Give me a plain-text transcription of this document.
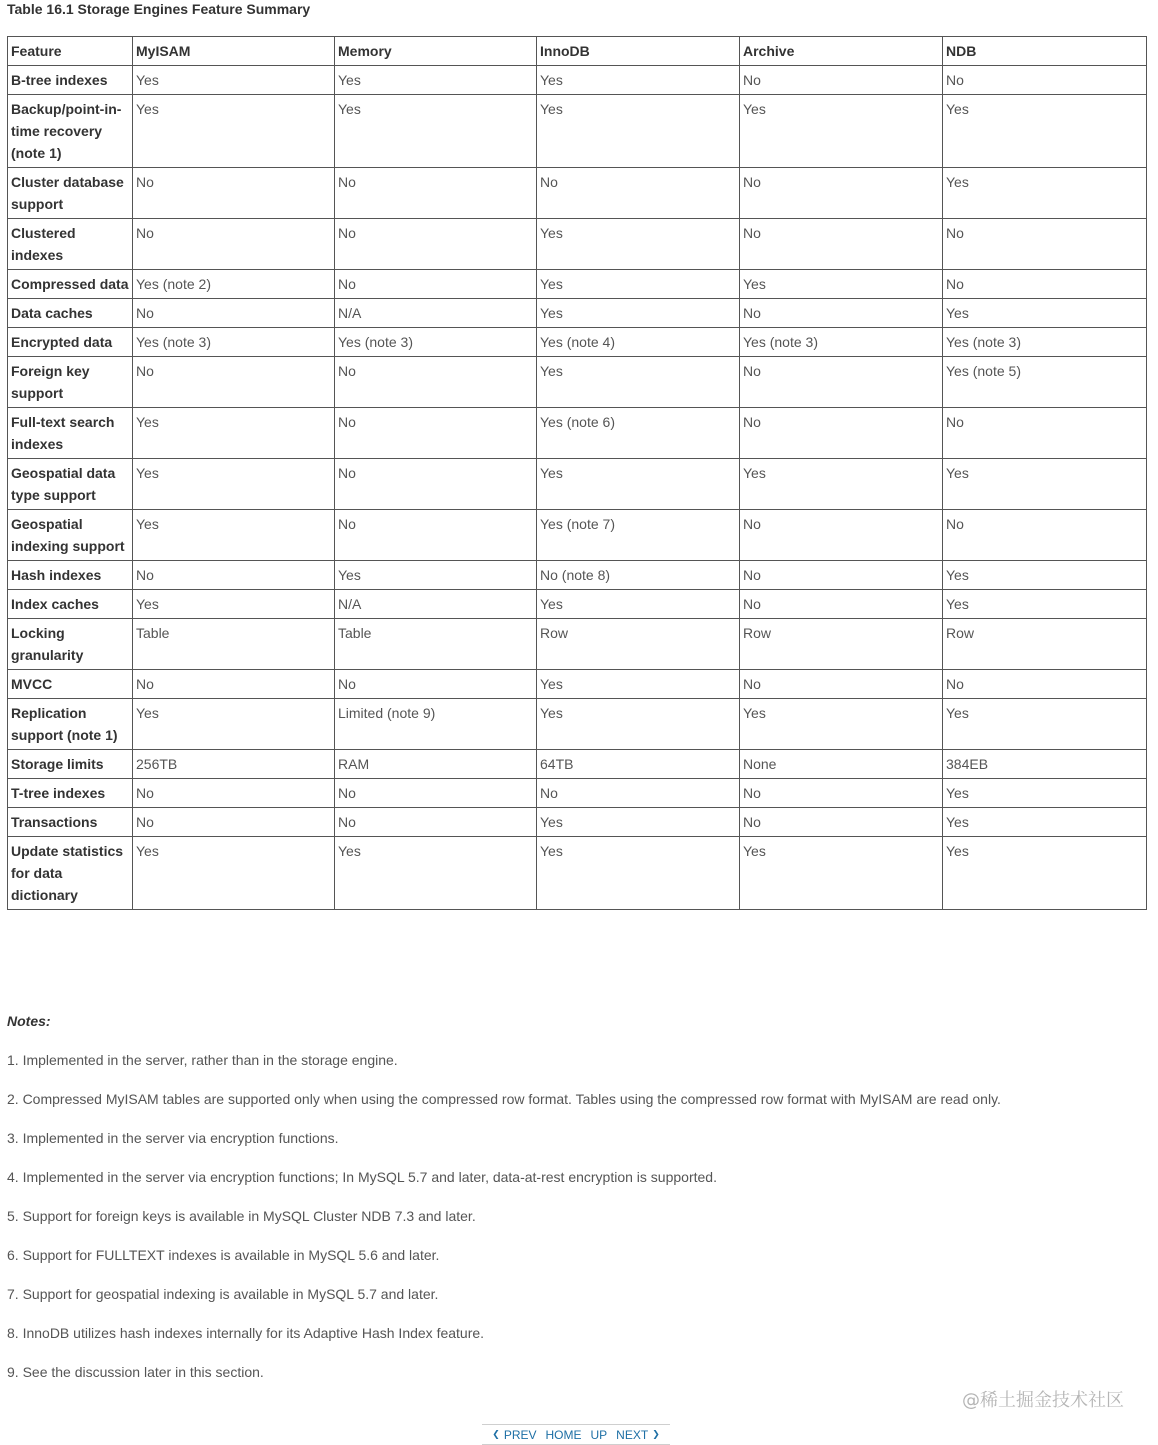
Table 16.1 Storage Engines Feature Summary
Feature	MyISAM	Memory	InnoDB	Archive	NDB
B-tree indexes	Yes	Yes	Yes	No	No
Backup/point-in-time recovery (note 1)	Yes	Yes	Yes	Yes	Yes
Cluster database support	No	No	No	No	Yes
Clustered indexes	No	No	Yes	No	No
Compressed data	Yes (note 2)	No	Yes	Yes	No
Data caches	No	N/A	Yes	No	Yes
Encrypted data	Yes (note 3)	Yes (note 3)	Yes (note 4)	Yes (note 3)	Yes (note 3)
Foreign key support	No	No	Yes	No	Yes (note 5)
Full-text search indexes	Yes	No	Yes (note 6)	No	No
Geospatial data type support	Yes	No	Yes	Yes	Yes
Geospatial indexing support	Yes	No	Yes (note 7)	No	No
Hash indexes	No	Yes	No (note 8)	No	Yes
Index caches	Yes	N/A	Yes	No	Yes
Locking granularity	Table	Table	Row	Row	Row
MVCC	No	No	Yes	No	No
Replication support (note 1)	Yes	Limited (note 9)	Yes	Yes	Yes
Storage limits	256TB	RAM	64TB	None	384EB
T-tree indexes	No	No	No	No	Yes
Transactions	No	No	Yes	No	Yes
Update statistics for data dictionary	Yes	Yes	Yes	Yes	Yes
Notes:
1. Implemented in the server, rather than in the storage engine.
2. Compressed MyISAM tables are supported only when using the compressed row format. Tables using the compressed row format with MyISAM are read only.
3. Implemented in the server via encryption functions.
4. Implemented in the server via encryption functions; In MySQL 5.7 and later, data-at-rest encryption is supported.
5. Support for foreign keys is available in MySQL Cluster NDB 7.3 and later.
6. Support for FULLTEXT indexes is available in MySQL 5.6 and later.
7. Support for geospatial indexing is available in MySQL 5.7 and later.
8. InnoDB utilizes hash indexes internally for its Adaptive Hash Index feature.
9. See the discussion later in this section.
@稀土掘金技术社区
❮ PREV HOME UP NEXT ❯
